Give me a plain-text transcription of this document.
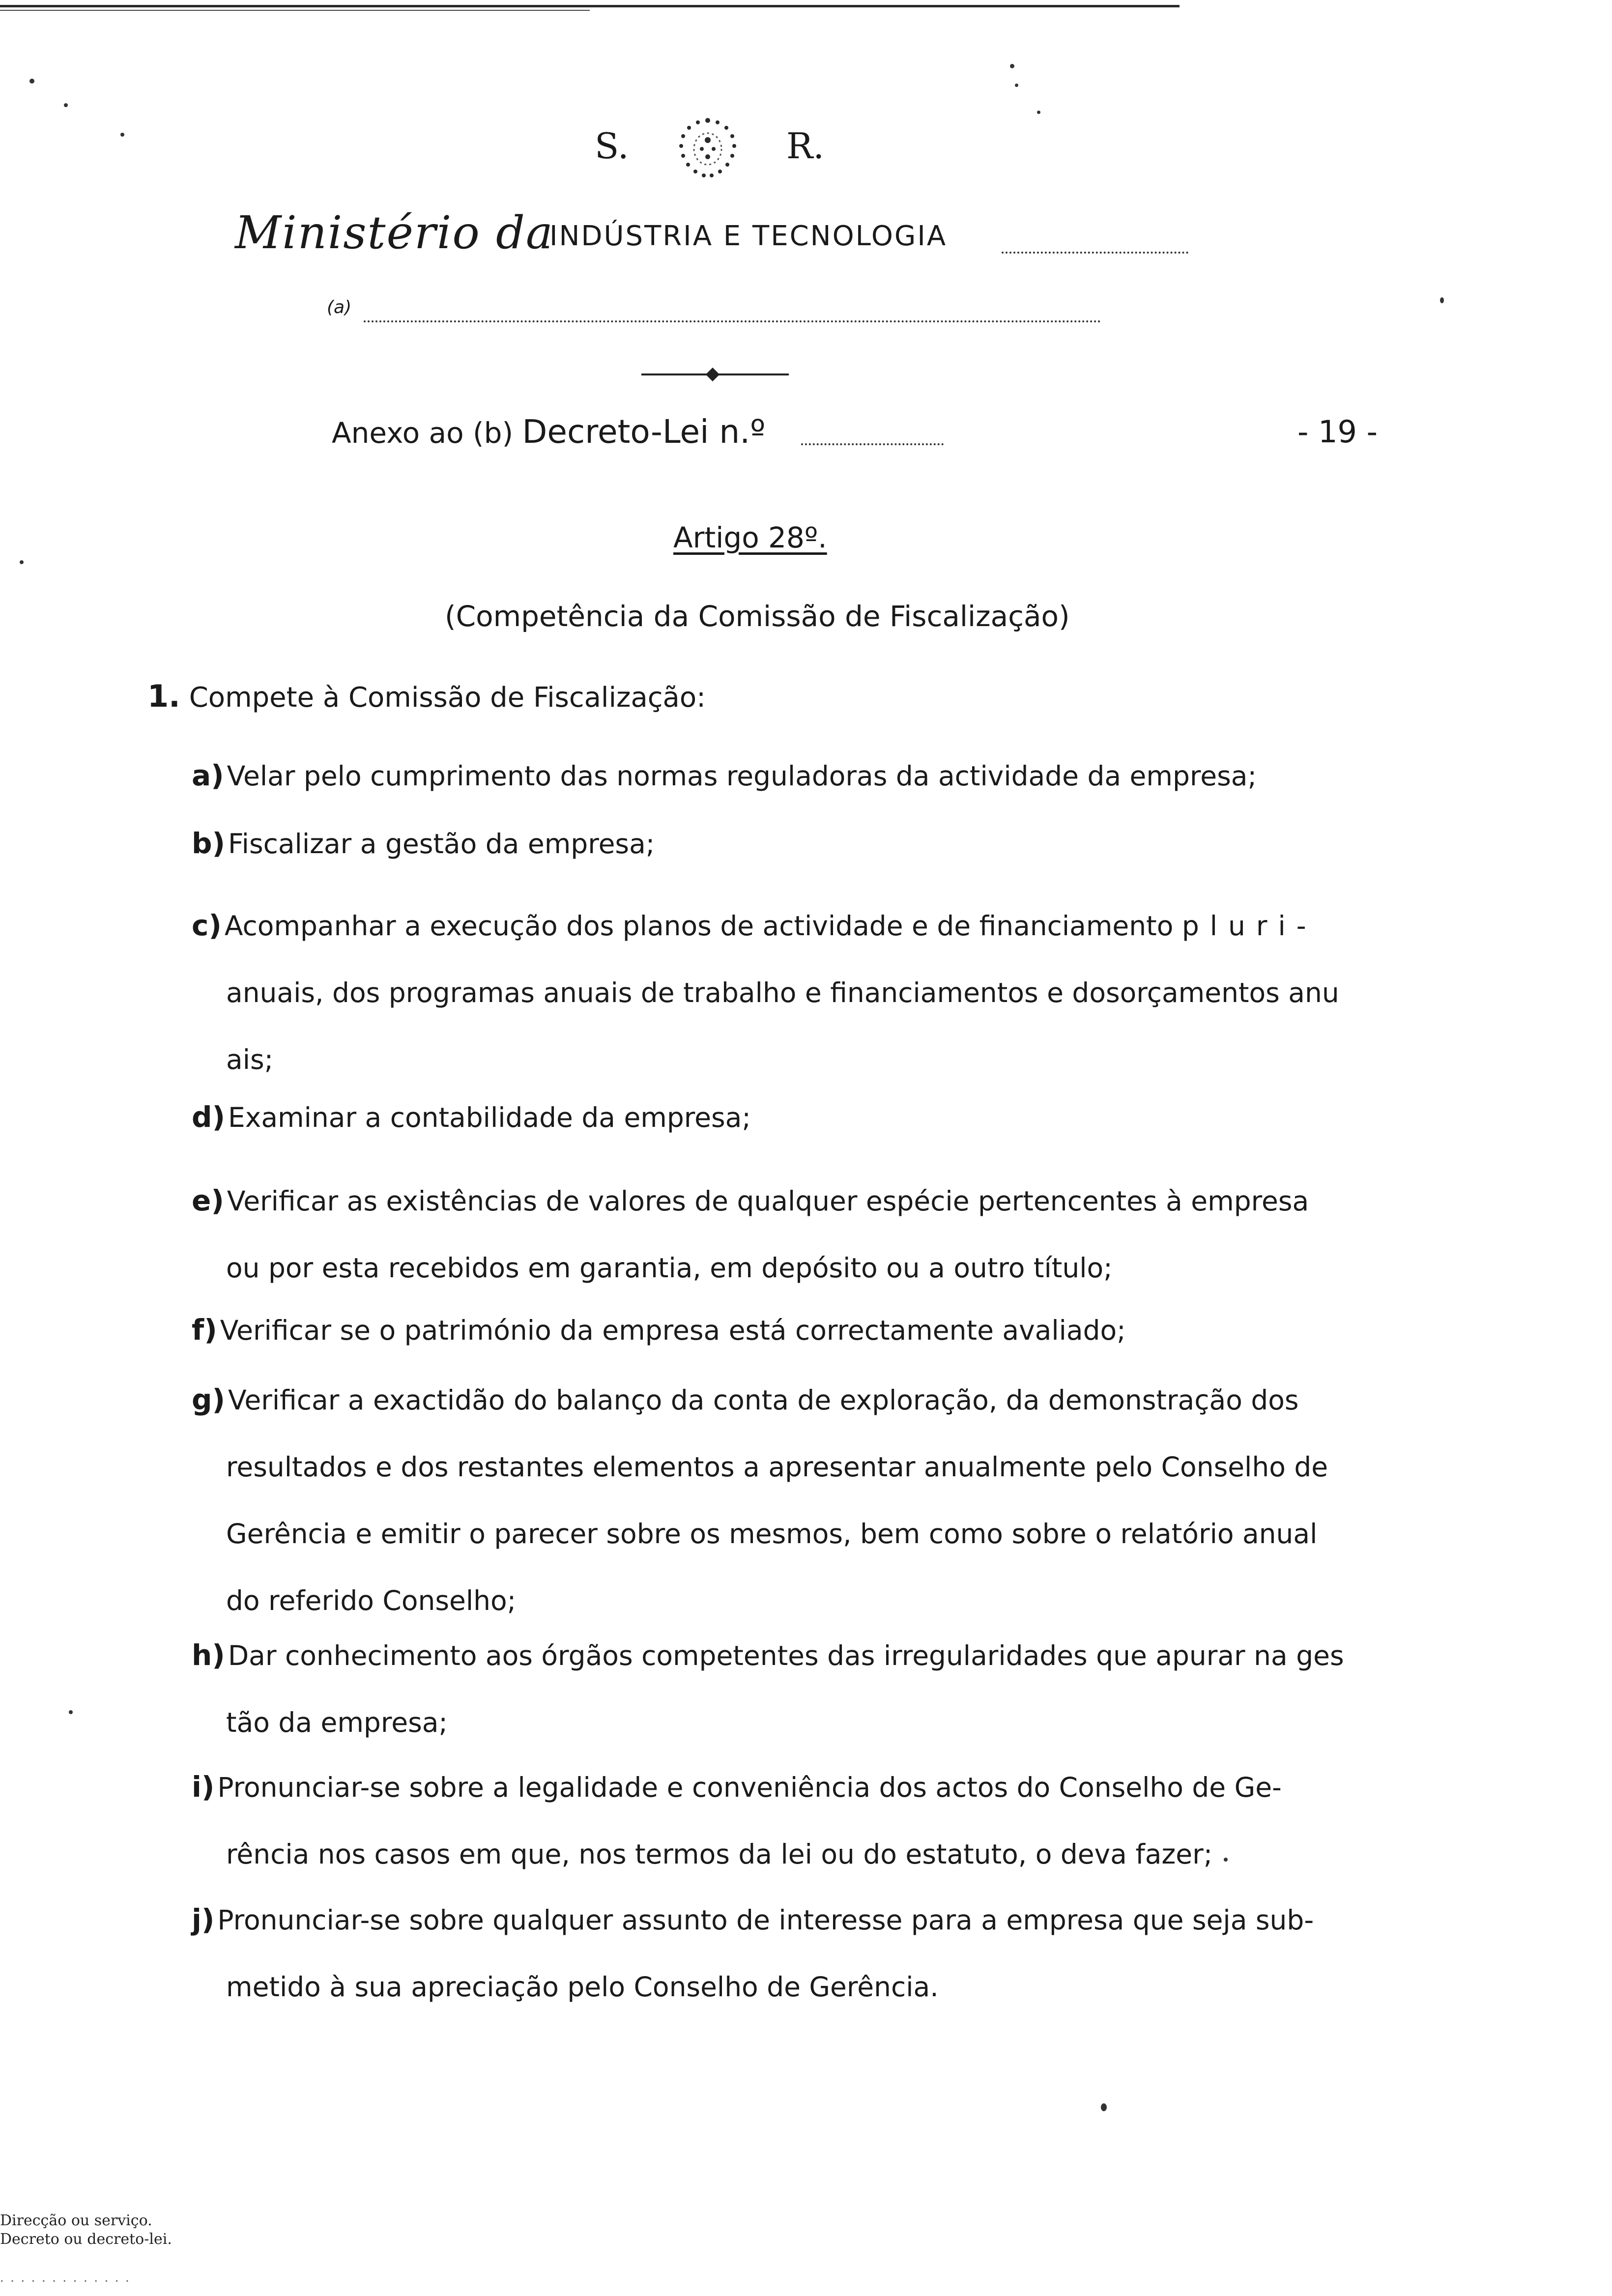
S.	R.
Ministério da
INDÚSTRIA E TECNOLOGIA
(a)
Anexo ao (b) Decreto-Lei n.º	- 19 -
Artigo 28º.
(Competência da Comissão de Fiscalização)
1. Compete à Comissão de Fiscalização:
a) Velar pelo cumprimento das normas reguladoras da actividade da empresa;
b) Fiscalizar a gestão da empresa;
c) Acompanhar a execução dos planos de actividade e de financiamento pluri-
anuais, dos programas anuais de trabalho e financiamentos e dosorçamentos anu
ais;
d) Examinar a contabilidade da empresa;
e) Verificar as existências de valores de qualquer espécie pertencentes à empresa
ou por esta recebidos em garantia, em depósito ou a outro título;
f) Verificar se o património da empresa está correctamente avaliado;
g) Verificar a exactidão do balanço da conta de exploração, da demonstração dos
resultados e dos restantes elementos a apresentar anualmente pelo Conselho de
Gerência e emitir o parecer sobre os mesmos, bem como sobre o relatório anual
do referido Conselho;
h) Dar conhecimento aos órgãos competentes das irregularidades que apurar na ges
tão da empresa;
i) Pronunciar-se sobre a legalidade e conveniência dos actos do Conselho de Ge-
rência nos casos em que, nos termos da lei ou do estatuto, o deva fazer;
j) Pronunciar-se sobre qualquer assunto de interesse para a empresa que seja sub-
metido à sua apreciação pelo Conselho de Gerência.
Direcção ou serviço.
Decreto ou decreto-lei.
· · · · · · · · · · · · ·
